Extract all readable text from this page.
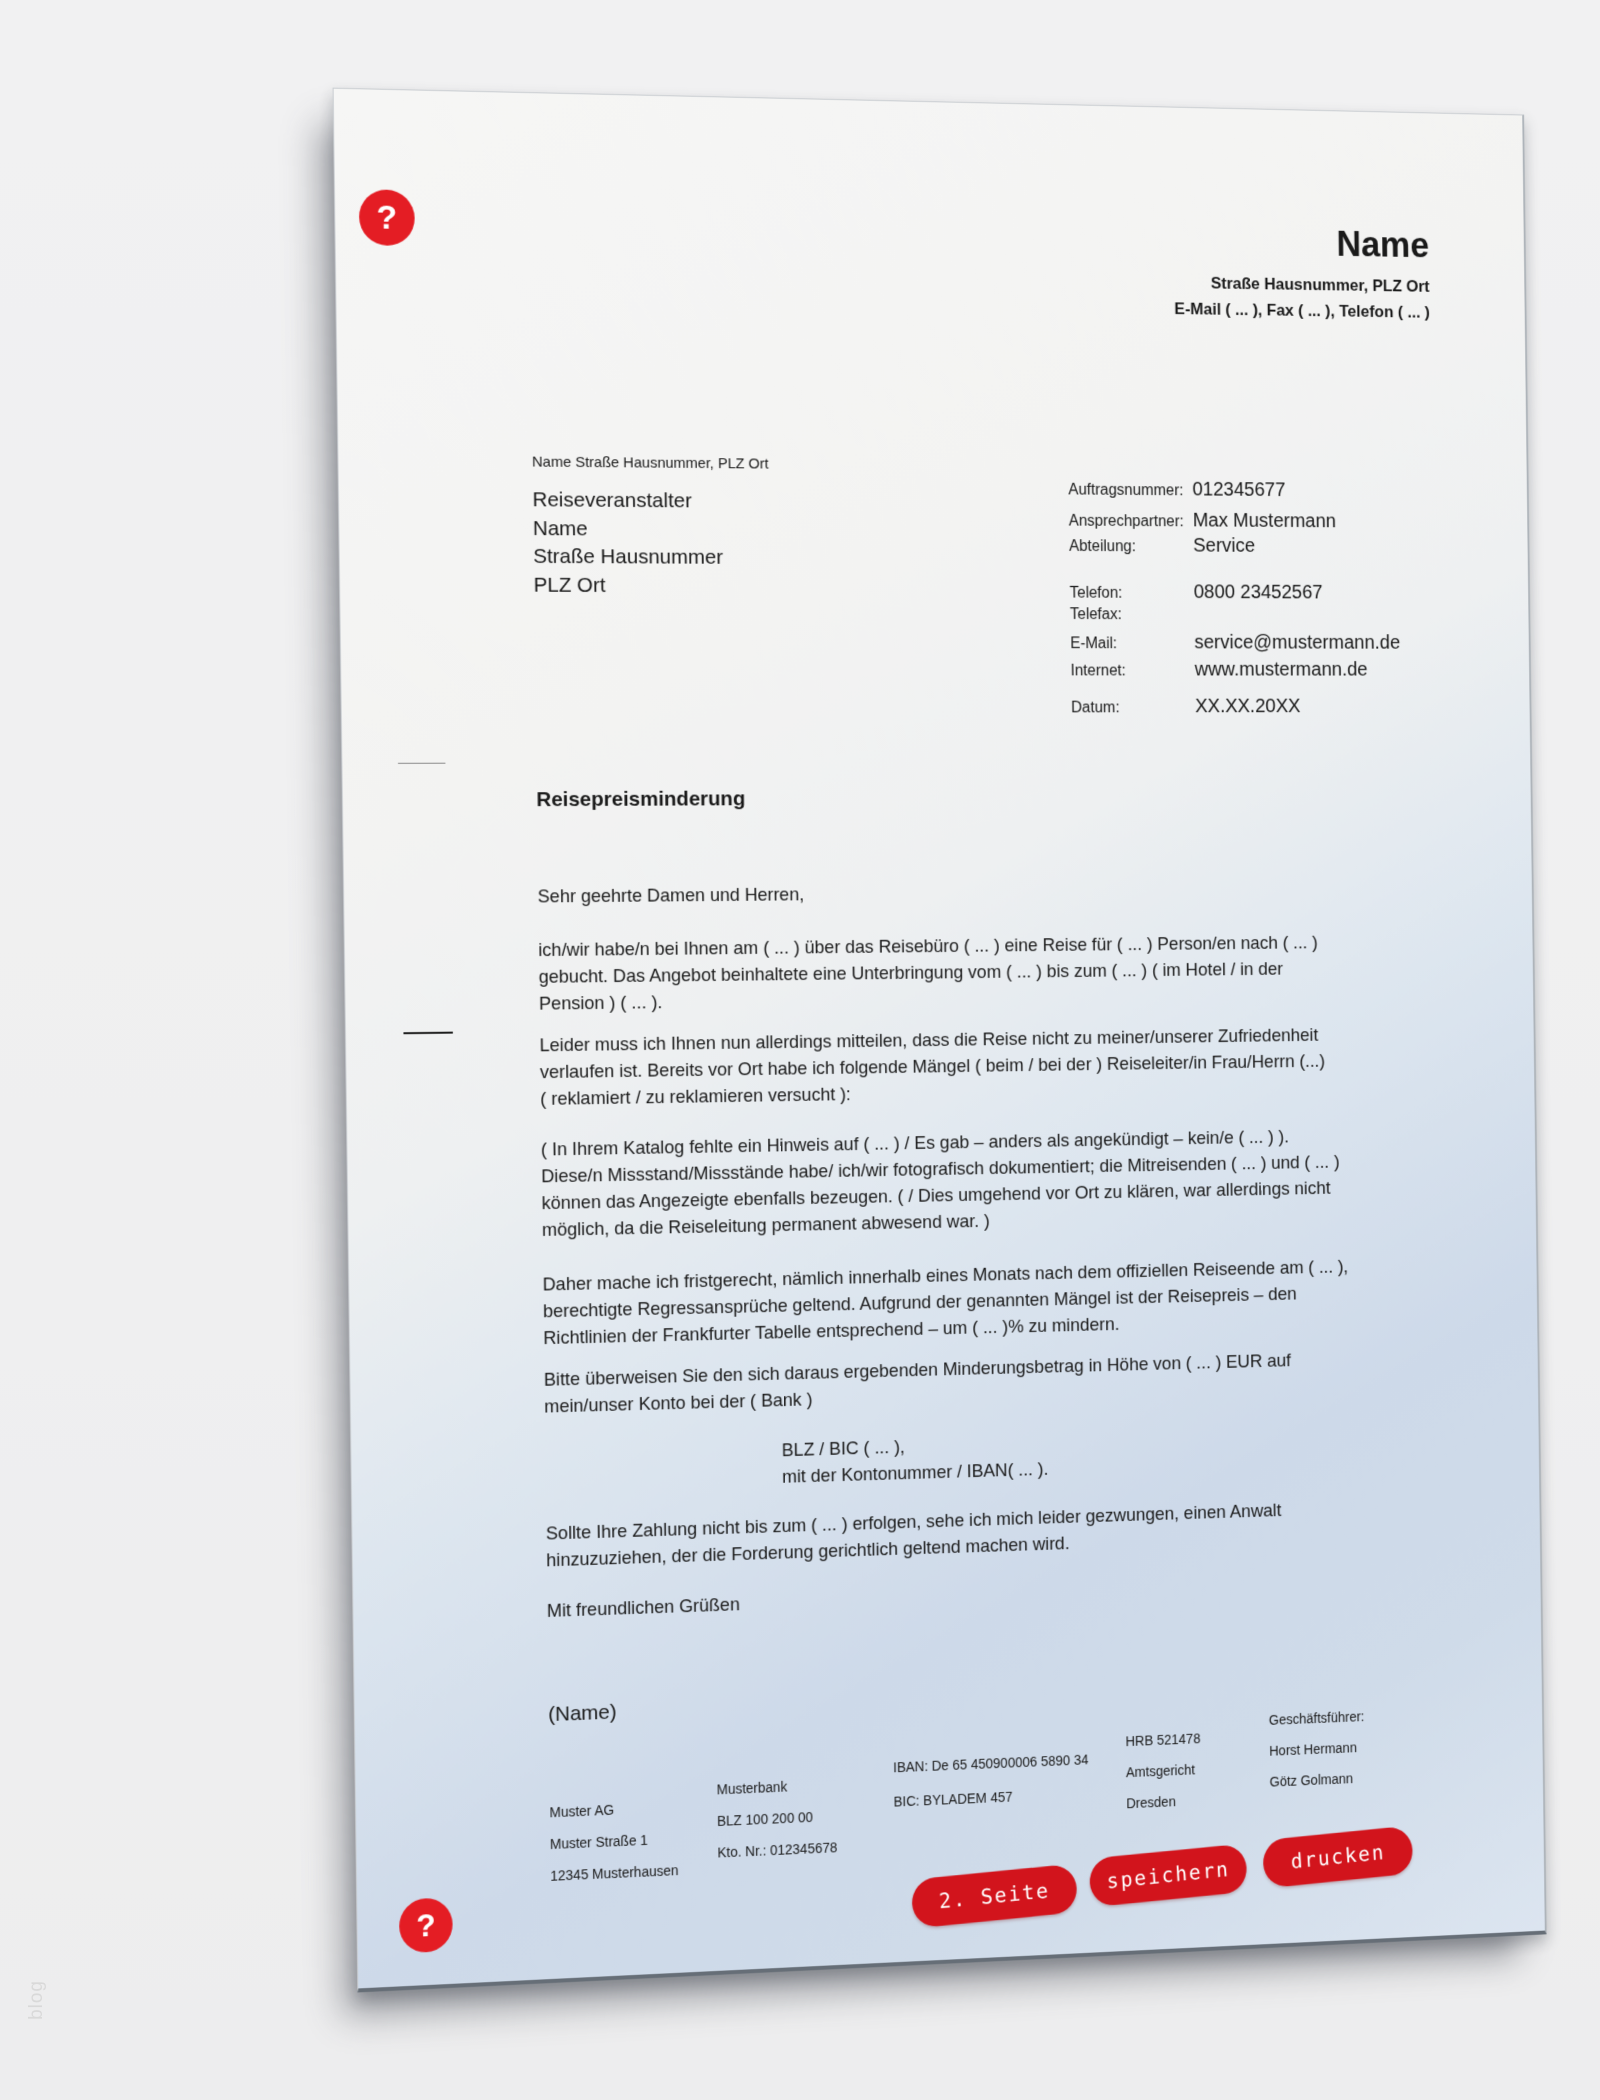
blog
?
Name
Straße Hausnummer, PLZ Ort
E-Mail ( ... ), Fax ( ... ), Telefon ( ... )
Name Straße Hausnummer, PLZ Ort
Reiseveranstalter
Name
Straße Hausnummer
PLZ Ort
Auftragsnummer: 012345677
Ansprechpartner: Max Mustermann
Abteilung:	Service
Telefon:	0800 23452567
Telefax:
E-Mail:	service@mustermann.de
Internet:	www.mustermann.de
Datum:	XX.XX.20XX
Reisepreisminderung
Sehr geehrte Damen und Herren,
ich/wir habe/n bei Ihnen am ( ... ) über das Reisebüro ( ... ) eine Reise für ( ... ) Person/en nach ( ... )
gebucht. Das Angebot beinhaltete eine Unterbringung vom ( ... ) bis zum ( ... ) ( im Hotel / in der
Pension ) ( ... ).
Leider muss ich Ihnen nun allerdings mitteilen, dass die Reise nicht zu meiner/unserer Zufriedenheit
verlaufen ist. Bereits vor Ort habe ich folgende Mängel ( beim / bei der ) Reiseleiter/in Frau/Herrn (...)
( reklamiert / zu reklamieren versucht ):
( In Ihrem Katalog fehlte ein Hinweis auf ( ... ) / Es gab – anders als angekündigt – kein/e ( ... ) ).
Diese/n Missstand/Missstände habe/ ich/wir fotografisch dokumentiert; die Mitreisenden ( ... ) und ( ... )
können das Angezeigte ebenfalls bezeugen. ( / Dies umgehend vor Ort zu klären, war allerdings nicht
möglich, da die Reiseleitung permanent abwesend war. )
Daher mache ich fristgerecht, nämlich innerhalb eines Monats nach dem offiziellen Reiseende am ( ... ),
berechtigte Regressansprüche geltend. Aufgrund der genannten Mängel ist der Reisepreis – den
Richtlinien der Frankfurter Tabelle entsprechend – um ( ... )% zu mindern.
Bitte überweisen Sie den sich daraus ergebenden Minderungsbetrag in Höhe von ( ... ) EUR auf
mein/unser Konto bei der ( Bank )
BLZ / BIC ( ... ),
mit der Kontonummer / IBAN( ... ).
Sollte Ihre Zahlung nicht bis zum ( ... ) erfolgen, sehe ich mich leider gezwungen, einen Anwalt
hinzuzuziehen, der die Forderung gerichtlich geltend machen wird.
Mit freundlichen Grüßen
(Name)
Muster AG
Muster Straße 1
12345 Musterhausen
Musterbank
BLZ 100 200 00
Kto. Nr.: 012345678
IBAN: De 65 450900006 5890 34
BIC: BYLADEM 457
HRB 521478
Amtsgericht
Dresden
Geschäftsführer:
Horst Hermann
Götz Golmann
2. Seite
speichern
drucken
?
